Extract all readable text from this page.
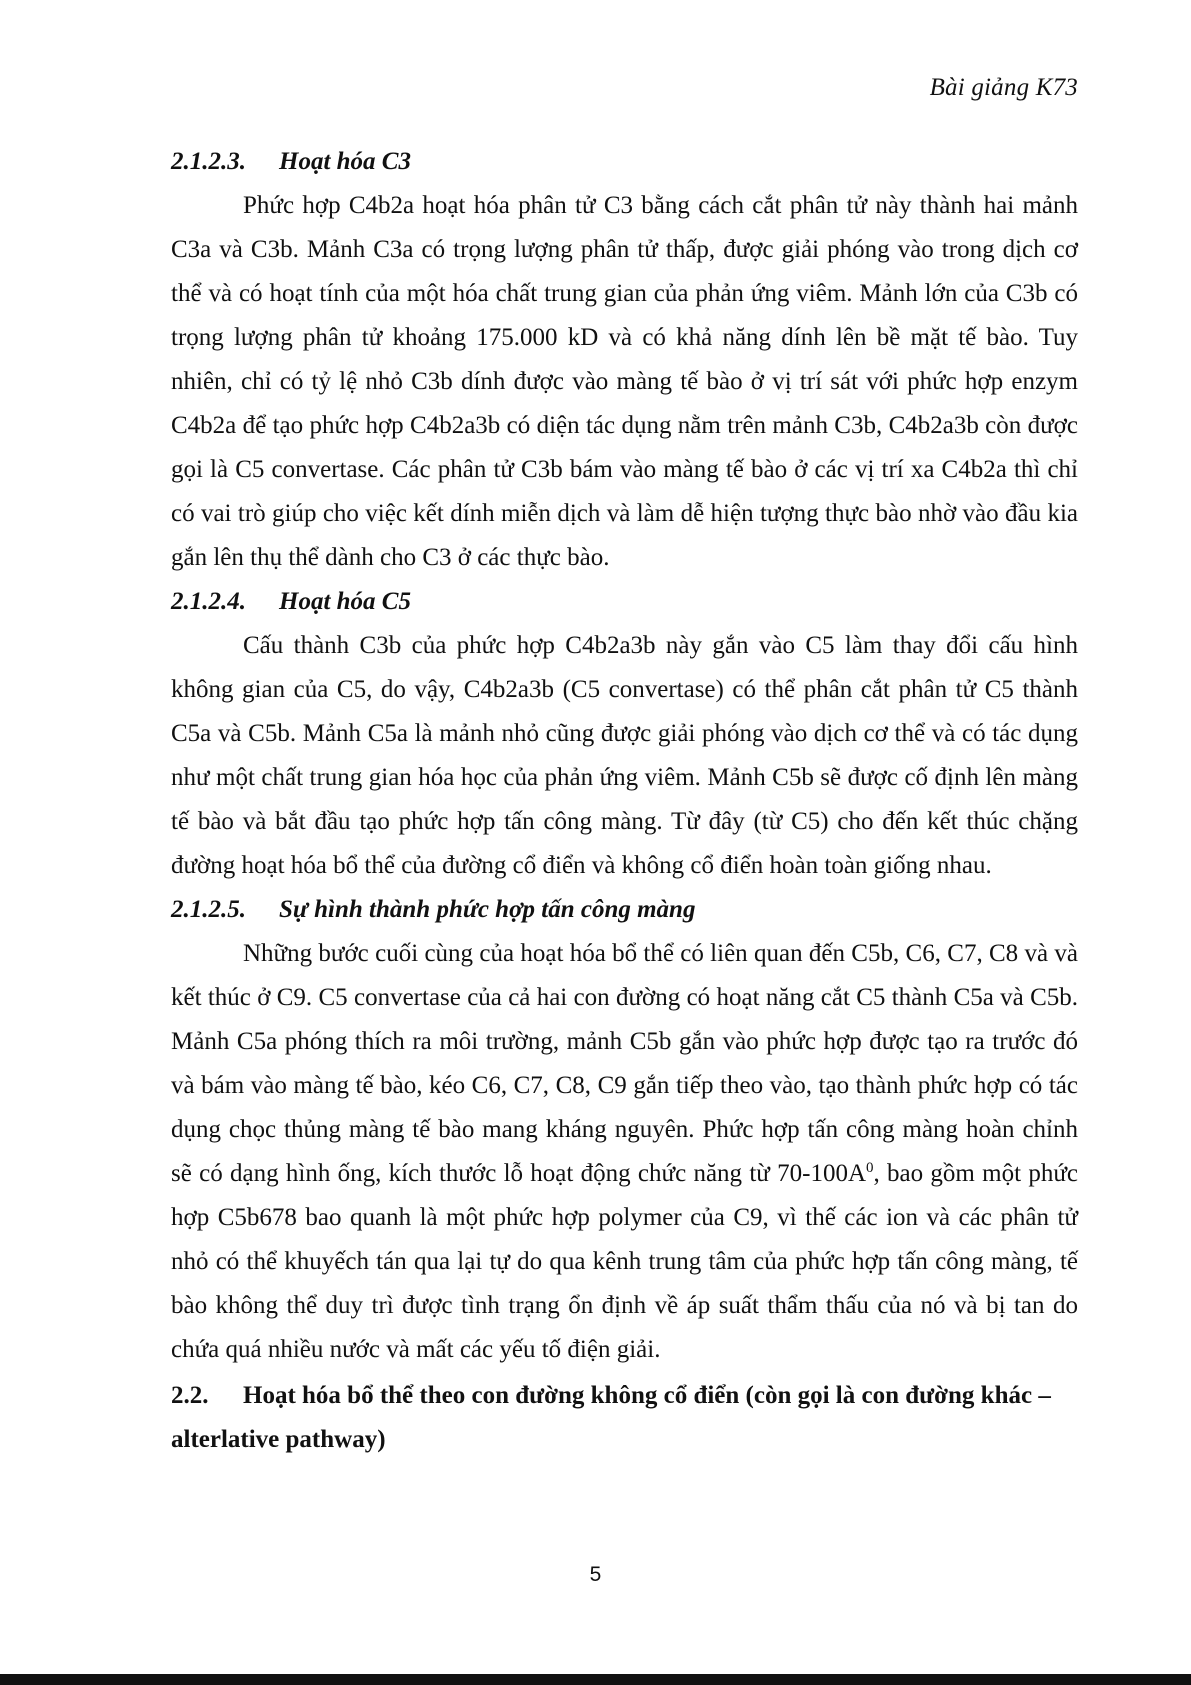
Bài giảng K73

2.1.2.3. Hoạt hóa C3

Phức hợp C4b2a hoạt hóa phân tử C3 bằng cách cắt phân tử này thành hai mảnh C3a và C3b. Mảnh C3a có trọng lượng phân tử thấp, được giải phóng vào trong dịch cơ thể và có hoạt tính của một hóa chất trung gian của phản ứng viêm. Mảnh lớn của C3b có trọng lượng phân tử khoảng 175.000 kD và có khả năng dính lên bề mặt tế bào. Tuy nhiên, chỉ có tỷ lệ nhỏ C3b dính được vào màng tế bào ở vị trí sát với phức hợp enzym C4b2a để tạo phức hợp C4b2a3b có diện tác dụng nằm trên mảnh C3b, C4b2a3b còn được gọi là C5 convertase. Các phân tử C3b bám vào màng tế bào ở các vị trí xa C4b2a thì chỉ có vai trò giúp cho việc kết dính miễn dịch và làm dễ hiện tượng thực bào nhờ vào đầu kia gắn lên thụ thể dành cho C3 ở các thực bào.

2.1.2.4. Hoạt hóa C5

Cấu thành C3b của phức hợp C4b2a3b này gắn vào C5 làm thay đổi cấu hình không gian của C5, do vậy, C4b2a3b (C5 convertase) có thể phân cắt phân tử C5 thành C5a và C5b. Mảnh C5a là mảnh nhỏ cũng được giải phóng vào dịch cơ thể và có tác dụng như một chất trung gian hóa học của phản ứng viêm. Mảnh C5b sẽ được cố định lên màng tế bào và bắt đầu tạo phức hợp tấn công màng. Từ đây (từ C5) cho đến kết thúc chặng đường hoạt hóa bổ thể của đường cổ điển và không cổ điển hoàn toàn giống nhau.

2.1.2.5. Sự hình thành phức hợp tấn công màng

Những bước cuối cùng của hoạt hóa bổ thể có liên quan đến C5b, C6, C7, C8 và và kết thúc ở C9. C5 convertase của cả hai con đường có hoạt năng cắt C5 thành C5a và C5b. Mảnh C5a phóng thích ra môi trường, mảnh C5b gắn vào phức hợp được tạo ra trước đó và bám vào màng tế bào, kéo C6, C7, C8, C9 gắn tiếp theo vào, tạo thành phức hợp có tác dụng chọc thủng màng tế bào mang kháng nguyên. Phức hợp tấn công màng hoàn chỉnh sẽ có dạng hình ống, kích thước lỗ hoạt động chức năng từ $70-100A^0$, bao gồm một phức hợp C5b678 bao quanh là một phức hợp polymer của C9, vì thế các ion và các phân tử nhỏ có thể khuyếch tán qua lại tự do qua kênh trung tâm của phức hợp tấn công màng, tế bào không thể duy trì được tình trạng ổn định về áp suất thẩm thấu của nó và bị tan do chứa quá nhiều nước và mất các yếu tố điện giải.

2.2. Hoạt hóa bổ thể theo con đường không cổ điển (còn gọi là con đường khác – alterlative pathway)

5
